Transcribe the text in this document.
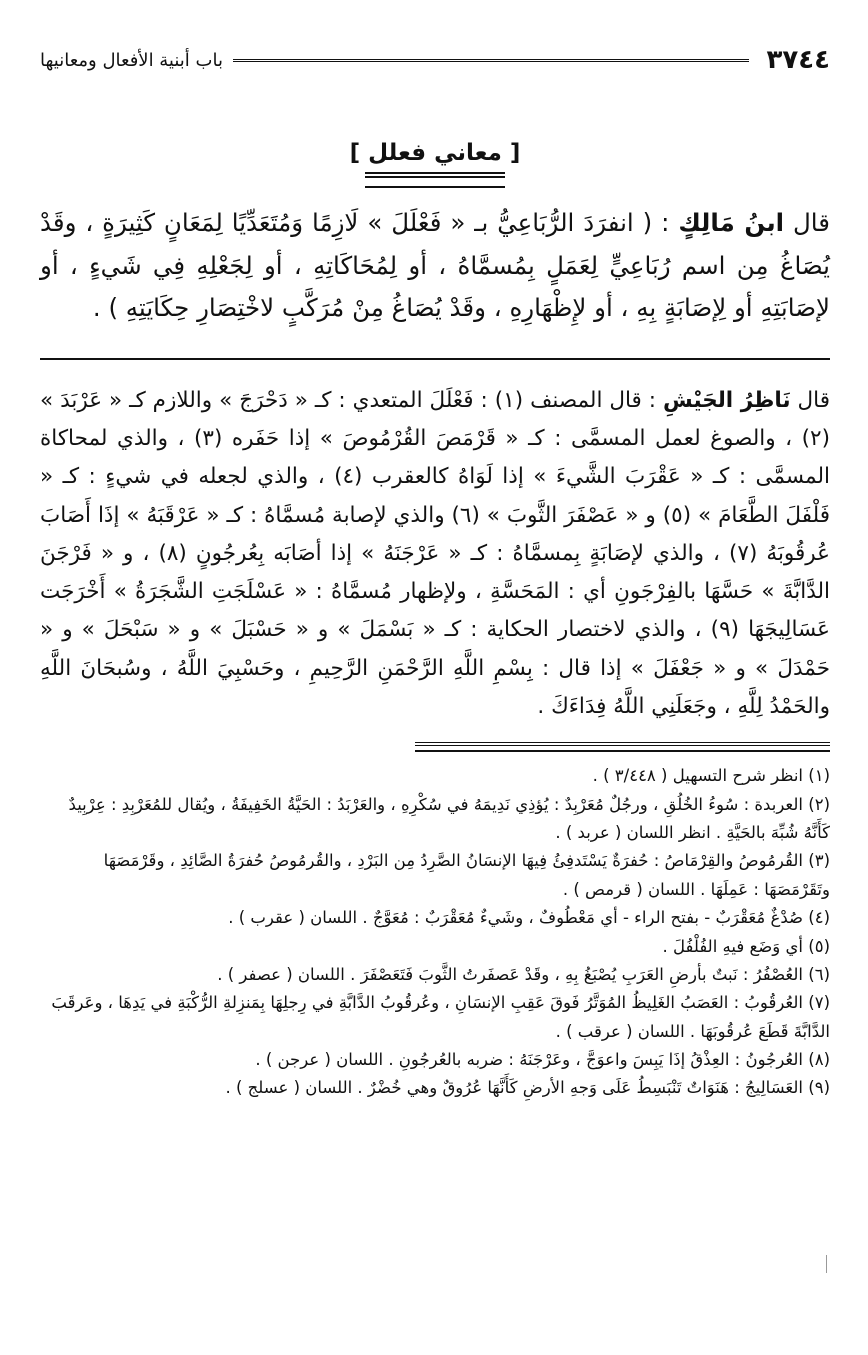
٣٧٤٤
باب أبنية الأفعال ومعانيها
[ معاني فعلل ]

قال ابنُ مَالِكٍ : ( انفرَدَ الرُّبَاعِيُّ بـ « فَعْلَلَ » لَازِمًا وَمُتَعَدِّيًا لِمَعَانٍ كَثِيرَةٍ ، وقَدْ يُصَاغُ مِن اسم رُبَاعِيٍّ لِعَمَلٍ بِمُسمَّاهُ ، أو لِمُحَاكَاتِهِ ، أو لِجَعْلِهِ فِي شَيءٍ ، أو لإصَابَتِهِ أو لِإصَابَةٍ بِهِ ، أو لإِظْهَارِهِ ، وقَدْ يُصَاغُ مِنْ مُرَكَّبٍ لاخْتِصَارِ حِكَايَتِهِ ) .

قال نَاظِرُ الجَيْشِ : قال المصنف (١) : فَعْلَلَ المتعدي : كـ « دَحْرَجَ » واللازم كـ « عَرْبَدَ » (٢) ، والصوغ لعمل المسمَّى : كـ « قَرْمَصَ القُرْمُوصَ » إذا حَفَره (٣) ، والذي لمحاكاة المسمَّى : كـ « عَقْرَبَ الشَّيءَ » إذا لَوَاهُ كالعقرب (٤) ، والذي لجعله في شيءٍ : كـ « فَلْفَلَ الطَّعَامَ » (٥) و « عَصْفَرَ الثَّوبَ » (٦) والذي لإصابة مُسمَّاهُ : كـ « عَرْقَبَهُ » إذَا أَصَابَ عُرقُوبَهُ (٧) ، والذي لإصَابَةٍ بِمسمَّاهُ : كـ « عَرْجَنَهُ » إذا أصَابَه بِعُرجُونٍ (٨) ، و « فَرْجَنَ الدَّابَّةَ » حَسَّهَا بالفِرْجَونِ أي : المَحَسَّةِ ، ولإظهار مُسمَّاهُ : « عَسْلَجَتِ الشَّجَرَةُ » أَخْرَجَت عَسَالِيجَهَا (٩) ، والذي لاختصار الحكاية : كـ « بَسْمَلَ » و « حَسْبَلَ » و « سَبْحَلَ » و « حَمْدَلَ » و « جَعْفَلَ » إذا قال : بِسْمِ اللَّهِ الرَّحْمَنِ الرَّحِيمِ ، وحَسْبِيَ اللَّهُ ، وسُبحَانَ اللَّهِ والحَمْدُ لِلَّهِ ، وجَعَلَنِي اللَّهُ فِدَاءَكَ .

(١) انظر شرح التسهيل ( ٣/٤٤٨ ) .

(٢) العربدة : سُوءُ الخُلُقِ ، ورجُلٌ مُعَرْبِدٌ : يُؤذِي نَدِيمَهُ في سُكْرِهِ ، والعَرْبَدُ : الحَيَّةُ الخَفِيفَةُ ، ويُقال للمُعَرْبِدِ : عِرْبِيدٌ كَأَنَّهُ شُبِّهَ بالحَيَّةِ . انظر اللسان ( عربد ) .

(٣) القُرمُوصُ والقِرْمَاصُ : حُفرَةٌ يَسْتَدفِئُ فِيهَا الإنسَانُ الصَّرِدُ مِن البَرْدِ ، والقُرمُوصُ حُفرَةُ الصَّائِدِ ، وقَرْمَصَهَا وتَقَرْمَصَهَا : عَمِلَهَا . اللسان ( قرمص ) .

(٤) صُدْغٌ مُعَقْرَبٌ - بفتح الراء - أي مَعْطُوفٌ ، وشَيءٌ مُعَقْرَبٌ : مُعَوَّجٌ . اللسان ( عقرب ) .

(٥) أي وَضَع فيهِ الفُلْفُلَ .

(٦) العُصْفُرُ : نَبتٌ بأرضِ العَرَبِ يُصْبَغُ بِهِ ، وقَدْ عَصفَرتُ الثَّوبَ فَتَعَصْفَرَ . اللسان ( عصفر ) .

(٧) العُرقُوبُ : العَصَبُ الغَلِيظُ المُوَتَّرُ فَوقَ عَقِبِ الإنسَانِ ، وعُرقُوبُ الدَّابَّةِ في رِجلِهَا بِمَنزِلةِ الرُّكْبَةِ في يَدِهَا ، وعَرقَبَ الدَّابَّةَ قَطَعَ عُرقُوبَهَا . اللسان ( عرقب ) .

(٨) العُرجُونُ : العِذْقُ إذَا يَبِسَ واعوَجَّ ، وعَرْجَنَهُ : ضربه بالعُرجُونِ . اللسان ( عرجن ) .

(٩) العَسَالِيجُ : هَنَوَاتٌ تَنْبَسِطُ عَلَى وَجهِ الأرضِ كَأَنَّهَا عُرُوقٌ وهي خُضْرٌ . اللسان ( عسلج ) .
